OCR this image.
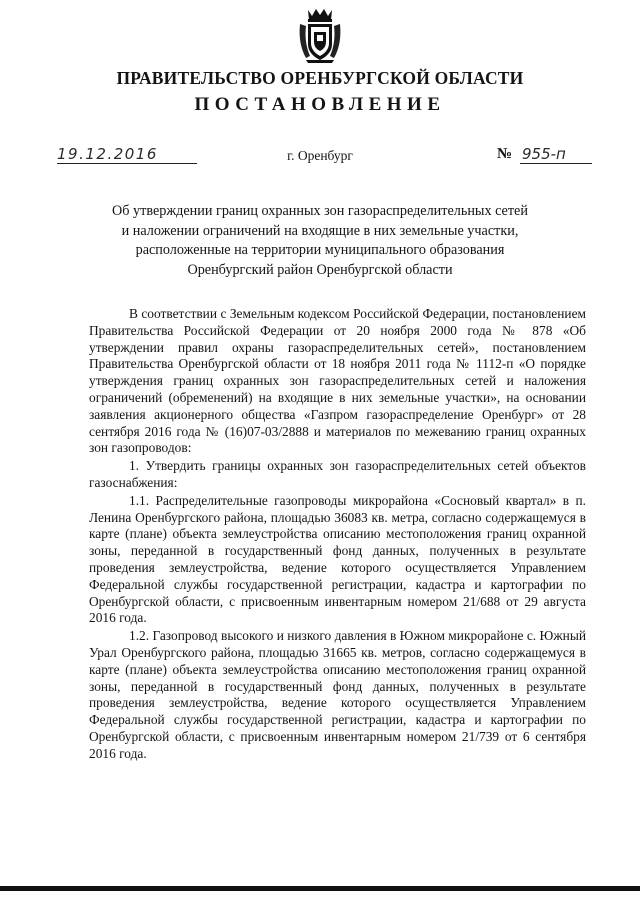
ПРАВИТЕЛЬСТВО ОРЕНБУРГСКОЙ ОБЛАСТИ
ПОСТАНОВЛЕНИЕ
19.12.2016	г. Оренбург	№ 955-п
Об утверждении границ охранных зон газораспределительных сетей
и наложении ограничений на входящие в них земельные участки,
расположенные на территории муниципального образования
Оренбургский район Оренбургской области

В соответствии с Земельным кодексом Российской Федерации, постановлением Правительства Российской Федерации от 20 ноября 2000 года № 878 «Об утверждении правил охраны газораспределительных сетей», постановлением Правительства Оренбургской области от 18 ноября 2011 года № 1112-п «О порядке утверждения границ охранных зон газораспределительных сетей и наложения ограничений (обременений) на входящие в них земельные участки», на основании заявления акционерного общества «Газпром газораспределение Оренбург» от 28 сентября 2016 года № (16)07-03/2888 и материалов по межеванию границ охранных зон газопроводов:

1. Утвердить границы охранных зон газораспределительных сетей объектов газоснабжения:

1.1. Распределительные газопроводы микрорайона «Сосновый квартал» в п. Ленина Оренбургского района, площадью 36083 кв. метра, согласно содержащемуся в карте (плане) объекта землеустройства описанию местоположения границ охранной зоны, переданной в государственный фонд данных, полученных в результате проведения землеустройства, ведение которого осуществляется Управлением Федеральной службы государственной регистрации, кадастра и картографии по Оренбургской области, с присвоенным инвентарным номером 21/688 от 29 августа 2016 года.

1.2. Газопровод высокого и низкого давления в Южном микрорайоне с. Южный Урал Оренбургского района, площадью 31665 кв. метров, согласно содержащемуся в карте (плане) объекта землеустройства описанию местоположения границ охранной зоны, переданной в государственный фонд данных, полученных в результате проведения землеустройства, ведение которого осуществляется Управлением Федеральной службы государственной регистрации, кадастра и картографии по Оренбургской области, с присвоенным инвентарным номером 21/739 от 6 сентября 2016 года.
